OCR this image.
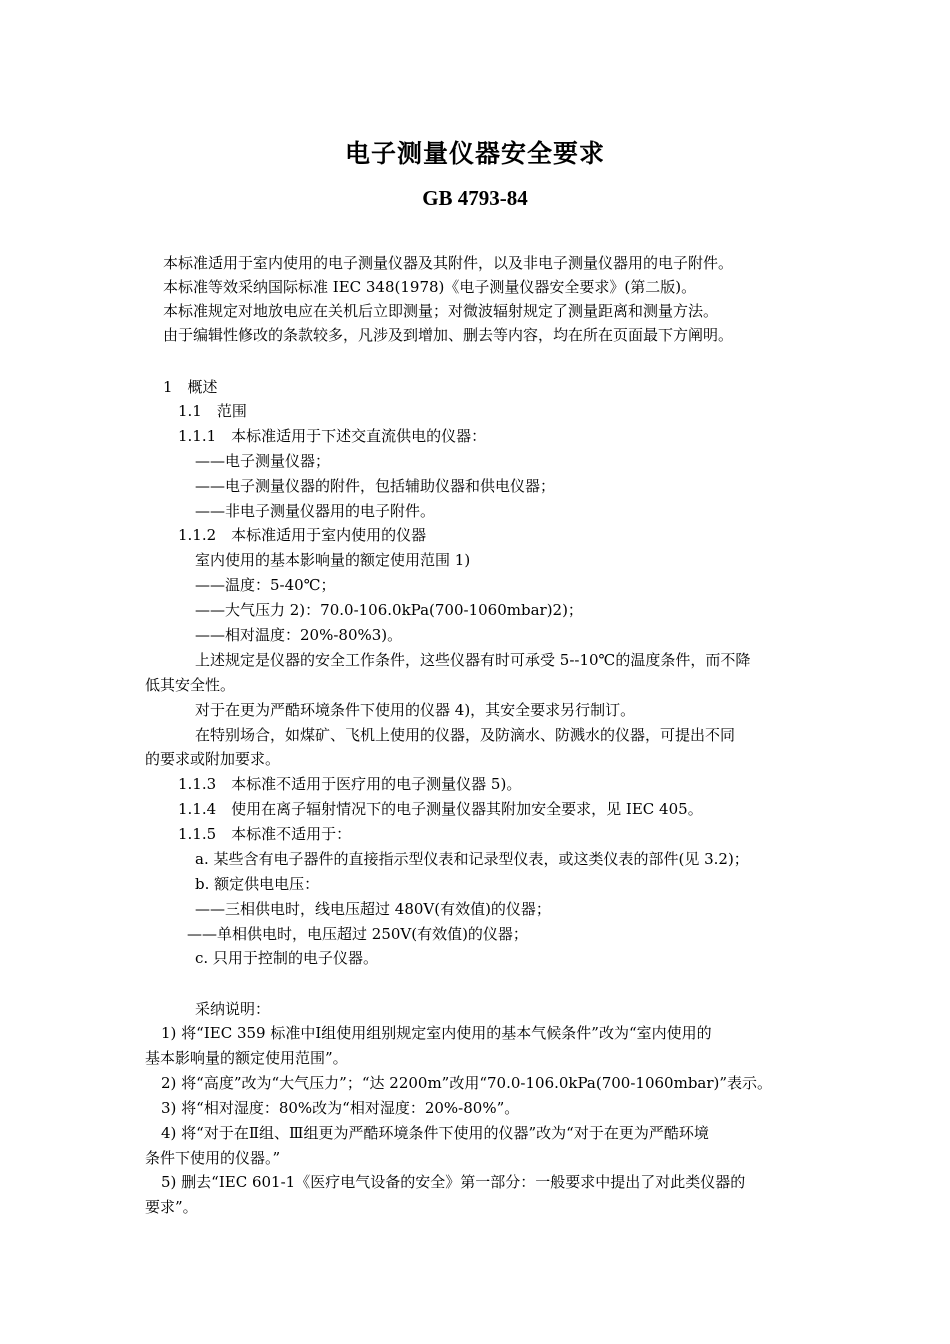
电子测量仪器安全要求
GB 4793-84
本标准适用于室内使用的电子测量仪器及其附件，以及非电子测量仪器用的电子附件。
本标准等效采纳国际标准 IEC 348(1978)《电子测量仪器安全要求》(第二版)。
本标准规定对地放电应在关机后立即测量；对微波辐射规定了测量距离和测量方法。
由于编辑性修改的条款较多，凡涉及到增加、删去等内容，均在所在页面最下方阐明。
1　概述
1.1　范围
1.1.1　本标准适用于下述交直流供电的仪器：
——电子测量仪器；
——电子测量仪器的附件，包括辅助仪器和供电仪器；
——非电子测量仪器用的电子附件。
1.1.2　本标准适用于室内使用的仪器
室内使用的基本影响量的额定使用范围 1)
——温度：5-40℃；
——大气压力 2)：70.0-106.0kPa(700-1060mbar)2)；
——相对温度：20%-80%3)。
上述规定是仪器的安全工作条件，这些仪器有时可承受 5--10℃的温度条件，而不降
低其安全性。
对于在更为严酷环境条件下使用的仪器 4)，其安全要求另行制订。
在特别场合，如煤矿、飞机上使用的仪器，及防滴水、防溅水的仪器，可提出不同
的要求或附加要求。
1.1.3　本标准不适用于医疗用的电子测量仪器 5)。
1.1.4　使用在离子辐射情况下的电子测量仪器其附加安全要求，见 IEC 405。
1.1.5　本标准不适用于：
a. 某些含有电子器件的直接指示型仪表和记录型仪表，或这类仪表的部件(见 3.2)；
b. 额定供电电压：
——三相供电时，线电压超过 480V(有效值)的仪器；
——单相供电时，电压超过 250V(有效值)的仪器；
c. 只用于控制的电子仪器。
采纳说明：
1) 将“IEC 359 标准中Ⅰ组使用组别规定室内使用的基本气候条件”改为“室内使用的
基本影响量的额定使用范围”。
2) 将“高度”改为“大气压力”；“达 2200m”改用“70.0-106.0kPa(700-1060mbar)”表示。
3) 将“相对湿度：80%改为“相对湿度：20%-80%”。
4) 将“对于在Ⅱ组、Ⅲ组更为严酷环境条件下使用的仪器”改为“对于在更为严酷环境
条件下使用的仪器。”
5) 删去“IEC 601-1《医疗电气设备的安全》第一部分：一般要求中提出了对此类仪器的
要求”。
